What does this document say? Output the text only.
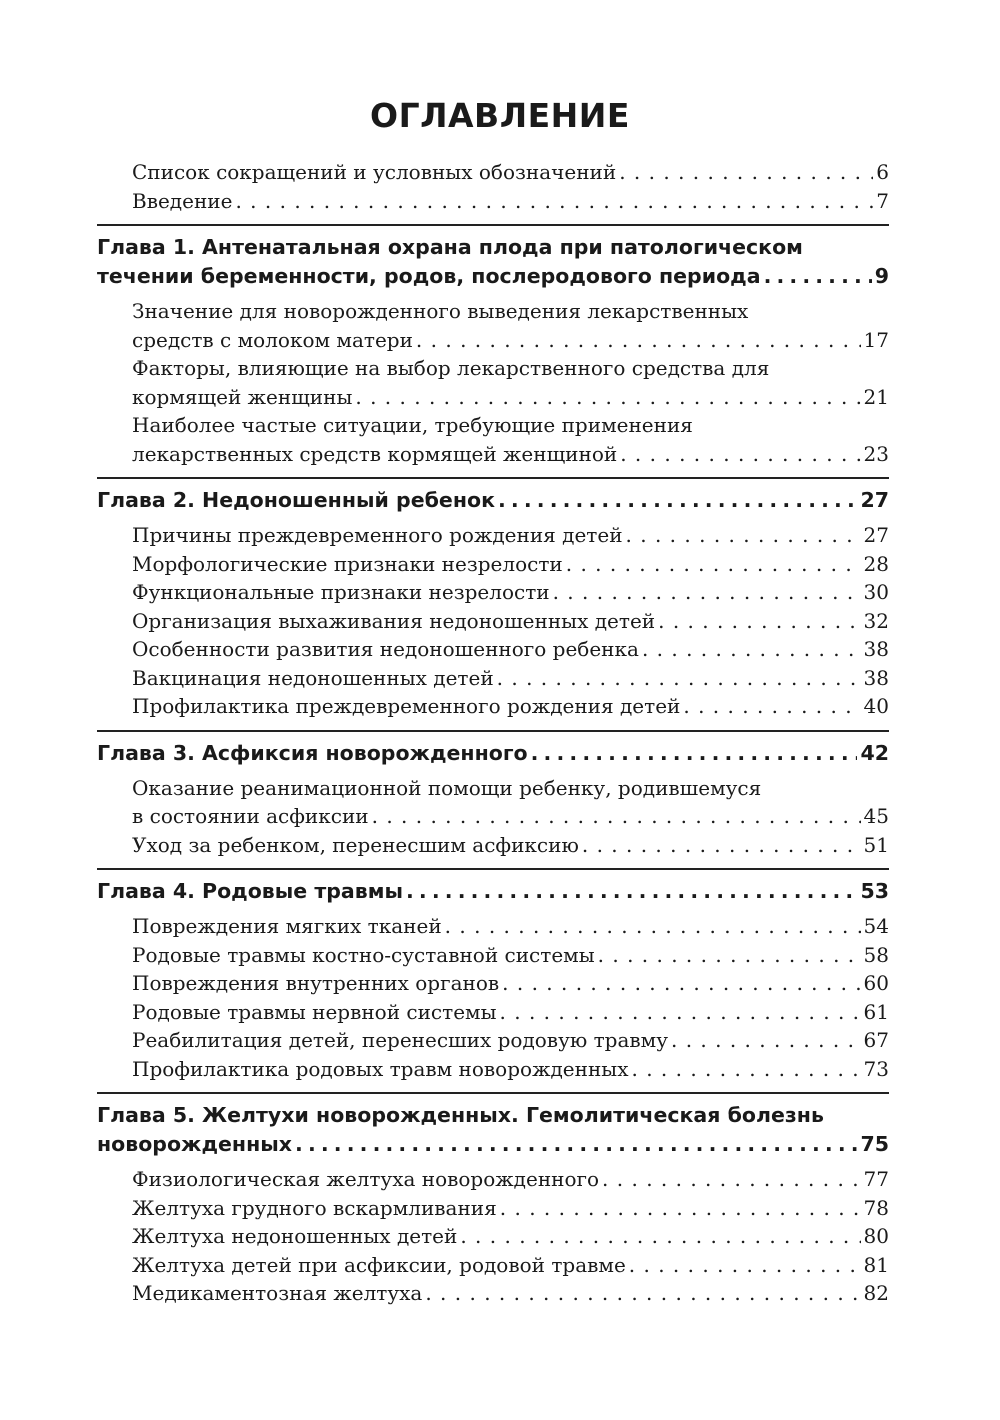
ОГЛАВЛЕНИЕ
Список сокращений и условных обозначений . . .	6
Введение . . .	7
Глава 1. Антенатальная охрана плода при патологическом
течении беременности, родов, послеродового периода . . .	9
Значение для новорожденного выведения лекарственных
средств с молоком матери . . .	17
Факторы, влияющие на выбор лекарственного средства для
кормящей женщины . . .	21
Наиболее частые ситуации, требующие применения
лекарственных средств кормящей женщиной . . .	23
Глава 2. Недоношенный ребенок . . .	27
Причины преждевременного рождения детей . . .	27
Морфологические признаки незрелости . . .	28
Функциональные признаки незрелости . . .	30
Организация выхаживания недоношенных детей . . .	32
Особенности развития недоношенного ребенка . . .	38
Вакцинация недоношенных детей . . .	38
Профилактика преждевременного рождения детей . . .	40
Глава 3. Асфиксия новорожденного . . .	42
Оказание реанимационной помощи ребенку, родившемуся
в состоянии асфиксии . . .	45
Уход за ребенком, перенесшим асфиксию . . .	51
Глава 4. Родовые травмы . . .	53
Повреждения мягких тканей . . .	54
Родовые травмы костно-суставной системы . . .	58
Повреждения внутренних органов . . .	60
Родовые травмы нервной системы . . .	61
Реабилитация детей, перенесших родовую травму . . .	67
Профилактика родовых травм новорожденных . . .	73
Глава 5. Желтухи новорожденных. Гемолитическая болезнь
новорожденных . . .	75
Физиологическая желтуха новорожденного . . .	77
Желтуха грудного вскармливания . . .	78
Желтуха недоношенных детей . . .	80
Желтуха детей при асфиксии, родовой травме . . .	81
Медикаментозная желтуха . . .	82
